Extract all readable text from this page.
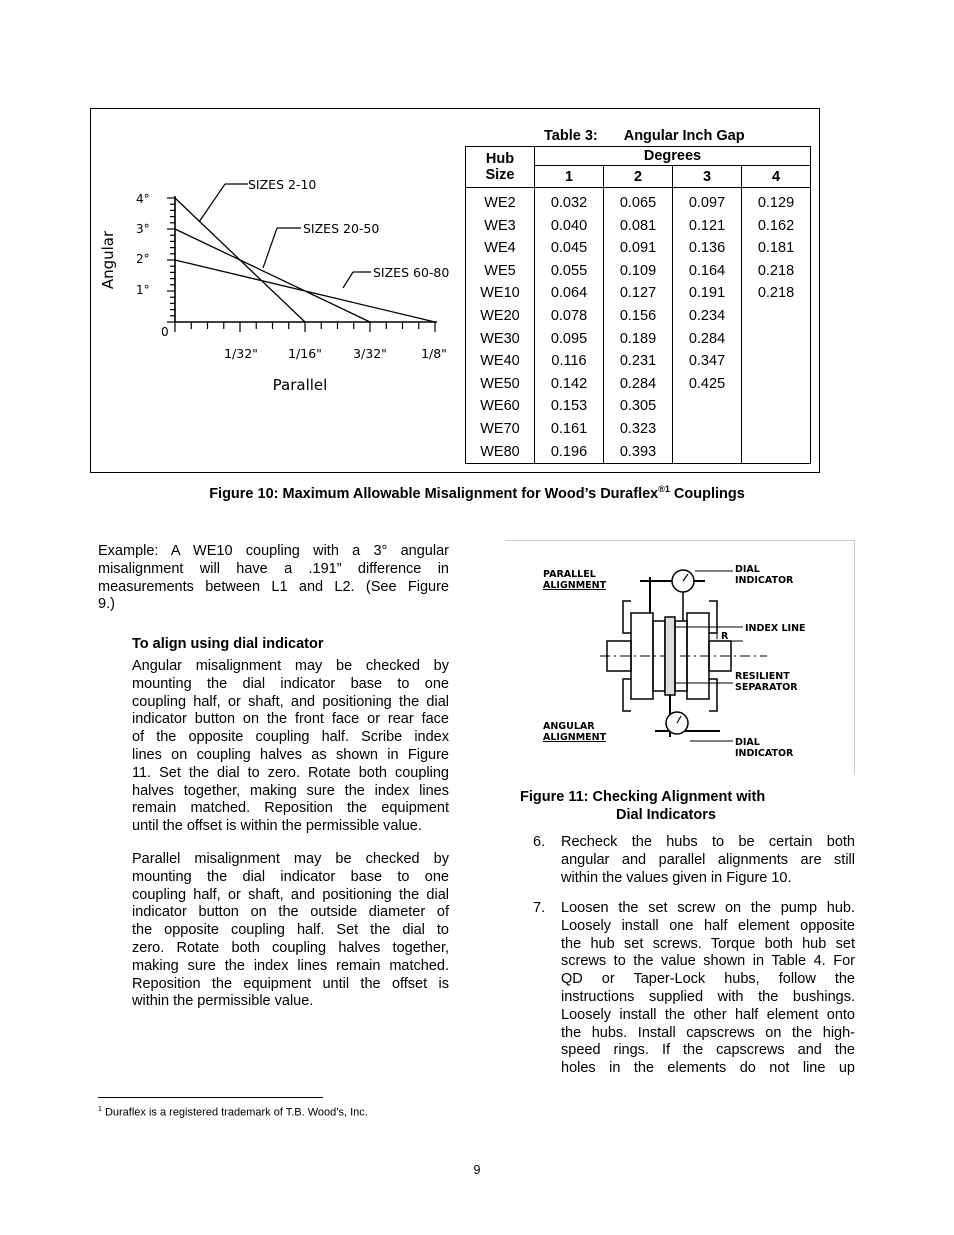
Angular
Parallel
SIZES 2-10
SIZES 20-50
SIZES 60-80
4°
3°
2°
1°
0
1/32" 1/16" 3/32"	1/8"
Table 3: Angular Inch Gap
Hub
Size	Degrees			
	1	2	3	4
WE2	0.032	0.065	0.097	0.129
WE3	0.040	0.081	0.121	0.162
WE4	0.045	0.091	0.136	0.181
WE5	0.055	0.109	0.164	0.218
WE10	0.064	0.127	0.191	0.218
WE20	0.078	0.156	0.234	
WE30	0.095	0.189	0.284	
WE40	0.116	0.231	0.347	
WE50	0.142	0.284	0.425	
WE60	0.153	0.305		
WE70	0.161	0.323		
WE80	0.196	0.393		
Figure 10: Maximum Allowable Misalignment for Wood’s Duraflex$^{®1}$ Couplings
Example: A WE10 coupling with a 3° angular
misalignment will have a .191” difference in
measurements between L1 and L2. (See Figure
9.)
To align using dial indicator
Angular misalignment may be checked by
mounting the dial indicator base to one
coupling half, or shaft, and positioning the dial
indicator button on the front face or rear face
of the opposite coupling half. Scribe index
lines on coupling halves as shown in Figure
11. Set the dial to zero. Rotate both coupling
halves together, making sure the index lines
remain matched. Reposition the equipment
until the offset is within the permissible value.
Parallel misalignment may be checked by
mounting the dial indicator base to one
coupling half, or shaft, and positioning the dial
indicator button on the outside diameter of
the opposite coupling half. Set the dial to
zero. Rotate both coupling halves together,
making sure the index lines remain matched.
Reposition the equipment until the offset is
within the permissible value.
PARALLEL
ALIGNMENT
ANGULAR
ALIGNMENT
DIAL
INDICATOR
INDEX LINE
R
RESILIENT
SEPARATOR
DIAL
INDICATOR
Figure 11: Checking Alignment with
Dial Indicators
6. Recheck the hubs to be certain both
angular and parallel alignments are still
within the values given in Figure 10.
7. Loosen the set screw on the pump hub.
Loosely install one half element opposite
the hub set screws. Torque both hub set
screws to the value shown in Table 4. For
QD or Taper-Lock hubs, follow the
instructions supplied with the bushings.
Loosely install the other half element onto
the hubs. Install capscrews on the high-
speed rings. If the capscrews and the
holes in the elements do not line up
$^1$ Duraflex is a registered trademark of T.B. Wood’s, Inc.
9
